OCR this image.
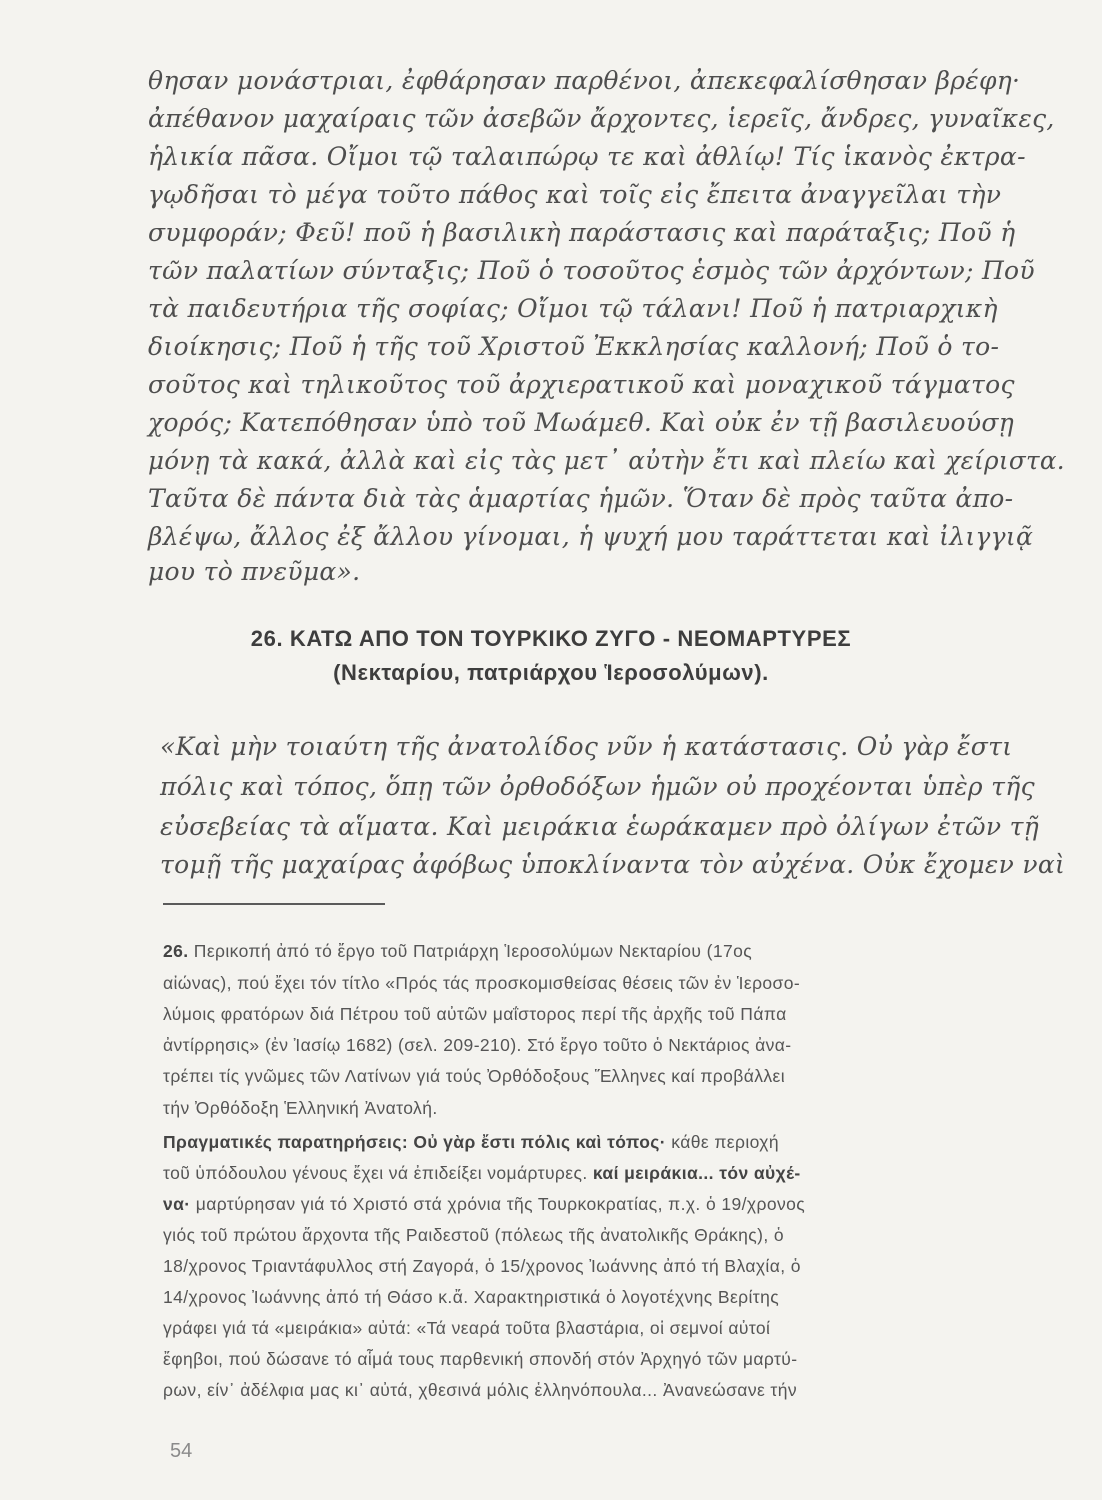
θησαν μονάστριαι, ἐφθάρησαν παρθένοι, ἀπεκεφαλίσθησαν βρέφη·
ἀπέθανον μαχαίραις τῶν ἀσεβῶν ἄρχοντες, ἱερεῖς, ἄνδρες, γυναῖκες,
ἡλικία πᾶσα. Οἴμοι τῷ ταλαιπώρῳ τε καὶ ἀθλίῳ! Τίς ἱκανὸς ἐκτρα-
γῳδῆσαι τὸ μέγα τοῦτο πάθος καὶ τοῖς εἰς ἔπειτα ἀναγγεῖλαι τὴν
συμφοράν; Φεῦ! ποῦ ἡ βασιλικὴ παράστασις καὶ παράταξις; Ποῦ ἡ
τῶν παλατίων σύνταξις; Ποῦ ὁ τοσοῦτος ἑσμὸς τῶν ἀρχόντων; Ποῦ
τὰ παιδευτήρια τῆς σοφίας; Οἴμοι τῷ τάλανι! Ποῦ ἡ πατριαρχικὴ
διοίκησις; Ποῦ ἡ τῆς τοῦ Χριστοῦ Ἐκκλησίας καλλονή; Ποῦ ὁ το-
σοῦτος καὶ τηλικοῦτος τοῦ ἀρχιερατικοῦ καὶ μοναχικοῦ τάγματος
χορός; Κατεπόθησαν ὑπὸ τοῦ Μωάμεθ. Καὶ οὐκ ἐν τῇ βασιλευούσῃ
μόνῃ τὰ κακά, ἀλλὰ καὶ εἰς τὰς μετ᾽ αὐτὴν ἔτι καὶ πλείω καὶ χείριστα.
Ταῦτα δὲ πάντα διὰ τὰς ἁμαρτίας ἡμῶν. Ὅταν δὲ πρὸς ταῦτα ἀπο-
βλέψω, ἄλλος ἐξ ἄλλου γίνομαι, ἡ ψυχή μου ταράττεται καὶ ἰλιγγιᾷ
μου τὸ πνεῦμα».
26. ΚΑΤΩ ΑΠΟ ΤΟΝ ΤΟΥΡΚΙΚΟ ΖΥΓΟ - ΝΕΟΜΑΡΤΥΡΕΣ
(Νεκταρίου, πατριάρχου Ἱεροσολύμων).
«Καὶ μὴν τοιαύτη τῆς ἀνατολίδος νῦν ἡ κατάστασις. Οὐ γὰρ ἔστι
πόλις καὶ τόπος, ὅπῃ τῶν ὀρθοδόξων ἡμῶν οὐ προχέονται ὑπὲρ τῆς
εὐσεβείας τὰ αἵματα. Καὶ μειράκια ἑωράκαμεν πρὸ ὀλίγων ἐτῶν τῇ
τομῇ τῆς μαχαίρας ἀφόβως ὑποκλίναντα τὸν αὐχένα. Οὐκ ἔχομεν ναὶ
26. Περικοπή ἀπό τό ἔργο τοῦ Πατριάρχη Ἱεροσολύμων Νεκταρίου (17ος
αἰώνας), πού ἔχει τόν τίτλο «Πρός τάς προσκομισθείσας θέσεις τῶν ἐν Ἱεροσο-
λύμοις φρατόρων διά Πέτρου τοῦ αὐτῶν μαΐστορος περί τῆς ἀρχῆς τοῦ Πάπα
ἀντίρρησις» (ἐν Ἰασίῳ 1682) (σελ. 209-210). Στό ἔργο τοῦτο ὁ Νεκτάριος ἀνα-
τρέπει τίς γνῶμες τῶν Λατίνων γιά τούς Ὀρθόδοξους Ἕλληνες καί προβάλλει
τήν Ὀρθόδοξη Ἑλληνική Ἀνατολή.
Πραγματικές παρατηρήσεις: Οὐ γὰρ ἔστι πόλις καὶ τόπος· κάθε περιοχή
τοῦ ὑπόδουλου γένους ἔχει νά ἐπιδείξει νομάρτυρες. καί μειράκια... τόν αὐχέ-
να· μαρτύρησαν γιά τό Χριστό στά χρόνια τῆς Τουρκοκρατίας, π.χ. ὁ 19/χρονος
γιός τοῦ πρώτου ἄρχοντα τῆς Ραιδεστοῦ (πόλεως τῆς ἀνατολικῆς Θράκης), ὁ
18/χρονος Τριαντάφυλλος στή Ζαγορά, ὁ 15/χρονος Ἰωάννης ἀπό τή Βλαχία, ὁ
14/χρονος Ἰωάννης ἀπό τή Θάσο κ.ἄ. Χαρακτηριστικά ὁ λογοτέχνης Βερίτης
γράφει γιά τά «μειράκια» αὐτά: «Τά νεαρά τοῦτα βλαστάρια, οἱ σεμνοί αὐτοί
ἔφηβοι, πού δώσανε τό αἷμά τους παρθενική σπονδή στόν Ἀρχηγό τῶν μαρτύ-
ρων, είν᾽ ἀδέλφια μας κι᾽ αὐτά, χθεσινά μόλις ἑλληνόπουλα... Ἀνανεώσανε τήν
54
